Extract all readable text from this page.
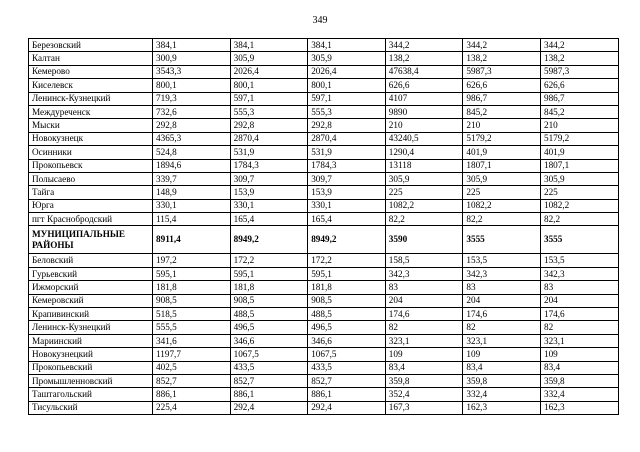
349
Березовский	384,1	384,1	384,1	344,2	344,2	344,2
Калтан	300,9	305,9	305,9	138,2	138,2	138,2
Кемерово	3543,3	2026,4	2026,4	47638,4	5987,3	5987,3
Киселевск	800,1	800,1	800,1	626,6	626,6	626,6
Ленинск-Кузнецкий	719,3	597,1	597,1	4107	986,7	986,7
Междуреченск	732,6	555,3	555,3	9890	845,2	845,2
Мыски	292,8	292,8	292,8	210	210	210
Новокузнецк	4365,3	2870,4	2870,4	43240,5	5179,2	5179,2
Осинники	524,8	531,9	531,9	1290,4	401,9	401,9
Прокопьевск	1894,6	1784,3	1784,3	13118	1807,1	1807,1
Полысаево	339,7	309,7	309,7	305,9	305,9	305,9
Тайга	148,9	153,9	153,9	225	225	225
Юрга	330,1	330,1	330,1	1082,2	1082,2	1082,2
пгт Краснобродский	115,4	165,4	165,4	82,2	82,2	82,2
МУНИЦИПАЛЬНЫЕ РАЙОНЫ	8911,4	8949,2	8949,2	3590	3555	3555
Беловский	197,2	172,2	172,2	158,5	153,5	153,5
Гурьевский	595,1	595,1	595,1	342,3	342,3	342,3
Ижморский	181,8	181,8	181,8	83	83	83
Кемеровский	908,5	908,5	908,5	204	204	204
Крапивинский	518,5	488,5	488,5	174,6	174,6	174,6
Ленинск-Кузнецкий	555,5	496,5	496,5	82	82	82
Мариинский	341,6	346,6	346,6	323,1	323,1	323,1
Новокузнецкий	1197,7	1067,5	1067,5	109	109	109
Прокопьевский	402,5	433,5	433,5	83,4	83,4	83,4
Промышленновский	852,7	852,7	852,7	359,8	359,8	359,8
Таштагольский	886,1	886,1	886,1	352,4	332,4	332,4
Тисульский	225,4	292,4	292,4	167,3	162,3	162,3
